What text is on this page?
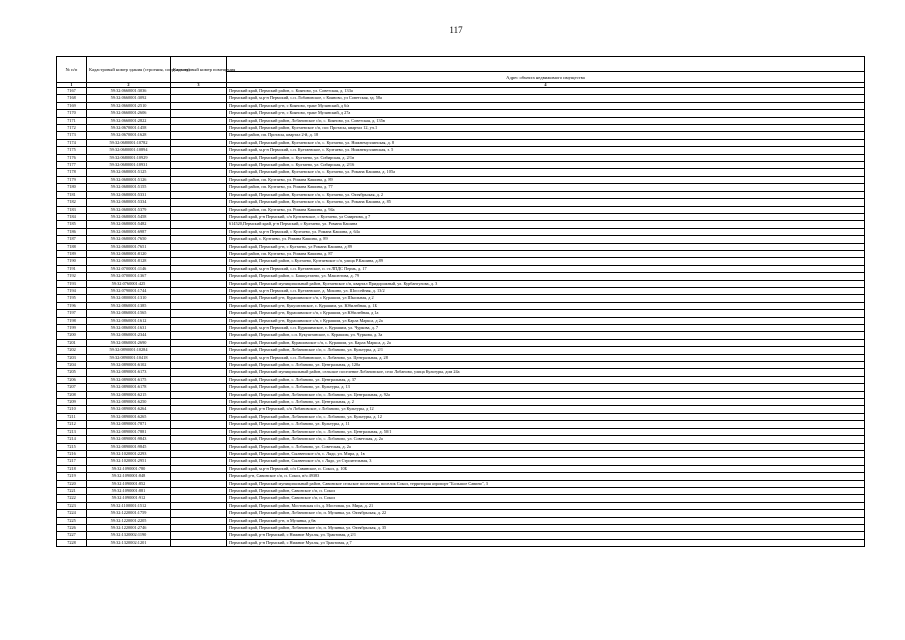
117
№ п/п	Кадастровый номер здания (строения, сооружения)	Кадастровый номер помещения	
			Адрес объекта недвижимого имущества
1	2	3	4
7167	59:32:0660001:3036		Пермский край, Пермский район, с. Кояново, ул. Советская, д. 133а
7168	59:32:0660001:3092		Пермский край, м.р-н Пермский, с.п. Лобановское, с Кояново, ул Советская, зд. 58а
7169	59:32:0660001:2510		Пермский край, Пермский р-н, с Кояново, тракт Мулянский, д 6/а
7170	59:32:0660001:2606		Пермский край, Пермский р-н, с Кояново, тракт Мулянский, д 27а
7171	59:32:0660001:2822		Пермский край, Пермский район, Лобановское с/п, с. Кояново, ул. Советская, д. 135в
7172	59:32:0670001:1458		Пермский край, Пермский район, Култаевское с/п, пос Протасы, квартал 12, уч.1
7173	59:32:0670001:1628		Пермский район, пп. Протасы, квартал 2-й, д. 18
7174	59:32:0680001:10782		Пермский край, Пермский район, Култаевское с/п, с. Култаево, ул. Нижнемуллинская, д. 8
7175	59:32:0680001:10894		Пермский край, м.р-н Пермский, с.п. Култаевское, с. Култаево, ул. Нижнемуллинская, з. 5
7176	59:32:0680001:10929		Пермский край, Пермский район, с. Култаево, ул. Сибирская, д. 2/1в
7177	59:32:0680001:10931		Пермский край, Пермский район, с. Култаево, ул. Сибирская, д. 2/16
7178	59:32:0680001:5125		Пермский край, Пермский район, Култаевское с/п, с. Култаево, ул. Романа Кашина, д. 105а
7179	59:32:0680001:5126		Пермский район, пп. Култаево, ул. Романа Кашина, д. 89
7180	59:32:0680001:5155		Пермский район, пп. Култаево, ул. Романа Кашина, д. 77
7181	59:32:0680001:5331		Пермский край, Пермский район, Култаевское с/п, с. Култаево, ул. Октябрьская, д. 2
7182	59:32:0680001:5334		Пермский край, Пермский район, Култаевское с/п, с. Култаево, ул. Романа Кашина, д. 85
7183	59:32:0680001:5379		Пермский район, пп. Култаево, ул. Романа Кашина, д. 94а
7184	59:32:0680001:5458		Пермский край, р-н Пермский, с/п Култаевское, с Култаево, ул Смирнова, д 7
7185	59:32:0680001:5482		614520,Пермский край, р-н Пермский, с Култаево, ул. Романа Кашина
7186	59:32:0680001:6987		Пермский край, м.р-н Пермский, с Култаево, ул. Романа Кашина, д. 64а
7187	59:32:0680001:7650		Пермский край, с. Култаево, ул. Романа Кашина, д. 89
7188	59:32:0680001:7651		Пермский край, Пермский р-н, с Култаево, ул Романа Кашина, д 89
7189	59:32:0680001:8120		Пермский район, пп. Култаево, ул. Романа Кашина, д. 87
7190	59:32:0680001:8128		Пермский край, Пермский район, с.Култаево, Култаевское с/п, улица Р.Кашина, д.89
7191	59:32:0700001:1146		Пермский край, м.р-н Пермский, с.п. Култаевское, п. ст.ЛПДС Пермь, д. 17
7192	59:32:0700001:1367		Пермский край, Пермский район, с. Башкултаево, ул. Максютова, д. 79
7193	59:32:0760001:425		Пермский край, Пермский муниципальный район, Култаевское с/п, квартал Придорожный, ул. Курбангулова, д. 3
7194	59:32:0790001:1744		Пермский край, м.р-н Пермский, с.п. Култаевское, д. Мокино, ул. Шоссейная, д. 13/2
7195	59:32:0800001:1310		Пермский край, Пермский р-н, Курашимское с/п, с Курашим, ул Школьная, д 2
7196	59:32:0860001:1385		Пермский край, Пермский р-н, Кукуштанское, с. Курашим, ул. Юбилейная, д. 1Б
7197	59:32:0860001:1565		Пермский край, Пермский р-н, Курашимское с/п, с Курашим, ул Юбилейная, д 1а
7198	59:32:0860001:1612		Пермский край, Пермский р-н, Курашимское с/п, с Курашим, ул Карла Маркса, д 2а
7199	59:32:0860001:1631		Пермский край, м.р-н Пермский, с.п. Курашимское, с. Курашим, ул. Чуркова, д. 7
7200	59:32:0860001:2344		Пермский край, Пермский район, с.п. Кукуштанское, с. Курашим, ул. Чуркова, д. 3а
7201	59:32:0860001:2690		Пермский край, Пермский район, Курашимское с/п, с. Курашим, ул. Карла Маркса, д. 2а
7202	59:32:0890001:10284		Пермский край, Пермский район, Лобановское с/п, с. Лобаново, ул. Культуры, д. 2/1
7203	59:32:0890001:10418		Пермский край, м.р-н Пермский, с.п. Лобановское, с. Лобаново, ул. Центральная, д. 28
7204	59:32:0890001:6102		Пермский край, Пермский район, с. Лобаново, ул. Центральная, д. 120а
7205	59:32:0890001:6173		Пермский край, Пермский муниципальный район, сельское поселение Лобановское, село Лобаново, улица Культуры, дом 24а
7206	59:32:0890001:6175		Пермский край, Пермский район, с. Лобаново, ул. Центральная, д. 37
7207	59:32:0890001:6178		Пермский край, Пермский район, с. Лобаново, ул. Культуры, д. 13
7208	59:32:0890001:6215		Пермский край, Пермский район, Лобановское с/п, с. Лобаново, ул. Центральная, д. 92а
7209	59:32:0890001:6250		Пермский край, Пермский район, с. Лобаново, ул. Центральная, д. 2
7210	59:32:0890001:6264		Пермский край, р-н Пермский, с/п Лобановское, с Лобаново, ул Культуры, д 12
7211	59:32:0890001:6265		Пермский край, Пермский район, Лобановское с/п, с. Лобаново, ул. Культуры, д. 12
7212	59:32:0890001:7871		Пермский край, Пермский район, с. Лобаново, ул. Культуры, д. 11
7213	59:32:0890001:7881		Пермский край, Пермский район, Лобановское с/п, с. Лобаново, ул. Центральная, д. 50/1
7214	59:32:0890001:9843		Пермский край, Пермский район, Лобановское с/п, с. Лобаново, ул. Советская, д. 2а
7215	59:32:0890001:9845		Пермский край, Пермский район, с. Лобаново, ул. Советская, д. 2а
7216	59:32:1020001:2293		Пермский край, Пермский район, Сылвенское с/п, с. Лядо, ул. Мира, д. 1в
7217	59:32:1020001:2951		Пермский край, Пермский район, Сылвенское с/п, с Лядо, ул Строительная, 3
7218	59:32:1090001:780		Пермский край, м.р-н Пермский, с/п Савинское, п. Сокол, д. 10Б
7219	59:32:1090001:848		Пермский р-н, Савинское с/п, п. Сокол, в/ч 49383
7220	59:32:1090001:852		Пермский край, Пермский муниципальный район, Савинское сельское поселение, поселок Сокол, территория аэропорт "Большое Савино", 3
7221	59:32:1090001:881		Пермский край, Пермский район, Савинское с/п, п. Сокол
7222	59:32:1090001:912		Пермский край, Пермский район, Савинское с/п, п. Сокол
7223	59:32:1100001:1512		Пермский край, Пермский район, Мостовская с/п, д. Мостовая, ул. Мира, д. 21
7224	59:32:1220001:1759		Пермский край, Пермский район, Лобановское с/п, п. Мулянка, ул. Октябрьская, д. 22
7225	59:32:1220001:2205		Пермский край, Пермский р-н, п Мулянка, д 6в
7226	59:32:1220001:2746		Пермский край, Пермский район, Лобановское с/п, п. Мулянка, ул. Октябрьская, д. 35
7227	59:32:1320002:1190		Пермский край, р-н Пермский, с Нижние Муллы, ул. Трактовая, д 2/1
7228	59:32:1320002:1201		Пермский край, р-н Пермский, с Нижние Муллы, ул Трактовая, д 7
